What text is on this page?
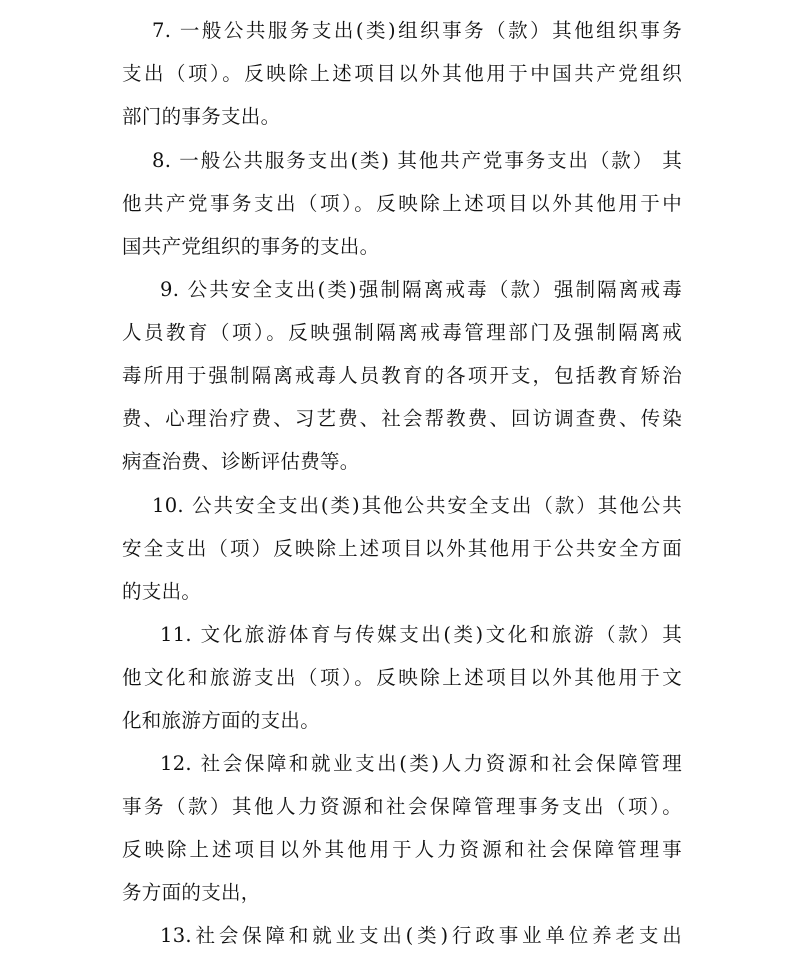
7. 一般公共服务支出(类)组织事务（款）其他组织事务
支出（项）。反映除上述项目以外其他用于中国共产党组织
部门的事务支出。
8. 一般公共服务支出(类) 其他共产党事务支出（款） 其
他共产党事务支出（项）。反映除上述项目以外其他用于中
国共产党组织的事务的支出。
9. 公共安全支出(类)强制隔离戒毒（款）强制隔离戒毒
人员教育（项）。反映强制隔离戒毒管理部门及强制隔离戒
毒所用于强制隔离戒毒人员教育的各项开支，包括教育矫治
费、心理治疗费、习艺费、社会帮教费、回访调查费、传染
病查治费、诊断评估费等。
10. 公共安全支出(类)其他公共安全支出（款）其他公共
安全支出（项）反映除上述项目以外其他用于公共安全方面
的支出。
11. 文化旅游体育与传媒支出(类)文化和旅游（款）其
他文化和旅游支出（项）。反映除上述项目以外其他用于文
化和旅游方面的支出。
12. 社会保障和就业支出(类)人力资源和社会保障管理
事务（款）其他人力资源和社会保障管理事务支出（项）。
反映除上述项目以外其他用于人力资源和社会保障管理事
务方面的支出，
13.社会保障和就业支出(类)行政事业单位养老支出
